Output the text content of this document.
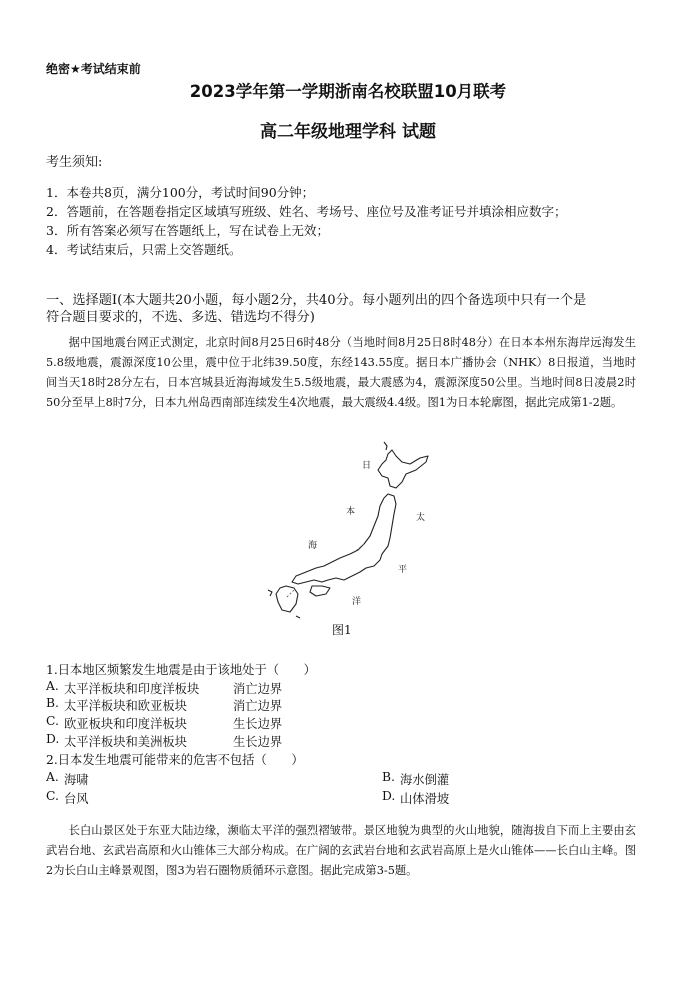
绝密★考试结束前
2023学年第一学期浙南名校联盟10月联考
高二年级地理学科 试题
考生须知:
1．本卷共8页，满分100分，考试时间90分钟；
2．答题前，在答题卷指定区域填写班级、姓名、考场号、座位号及准考证号并填涂相应数字；
3．所有答案必须写在答题纸上，写在试卷上无效；
4．考试结束后，只需上交答题纸。
一、选择题Ⅰ(本大题共20小题，每小题2分，共40分。每小题列出的四个备选项中只有一个是
符合题目要求的，不选、多选、错选均不得分)
据中国地震台网正式测定，北京时间8月25日6时48分（当地时间8月25日8时48分）在日本本州东海岸远海发生5.8级地震，震源深度10公里，震中位于北纬39.50度，东经143.55度。据日本广播协会（NHK）8日报道，当地时间当天18时28分左右，日本宫城县近海海域发生5.5级地震，最大震感为4，震源深度50公里。当地时间8日凌晨2时50分至早上8时7分，日本九州岛西南部连续发生4次地震，最大震级4.4级。图1为日本轮廓图，据此完成第1-2题。
日
本
太
海
平
洋
图1
1.日本地区频繁发生地震是由于该地处于（　　）
A. 太平洋板块和印度洋板块	消亡边界
B. 太平洋板块和欧亚板块	消亡边界
C. 欧亚板块和印度洋板块	生长边界
D. 太平洋板块和美洲板块	生长边界
2.日本发生地震可能带来的危害不包括（　　）
A. 海啸	B. 海水倒灌
C. 台风	D. 山体滑坡
长白山景区处于东亚大陆边缘，濒临太平洋的强烈褶皱带。景区地貌为典型的火山地貌，随海拔自下而上主要由玄武岩台地、玄武岩高原和火山锥体三大部分构成。在广阔的玄武岩台地和玄武岩高原上是火山锥体——长白山主峰。图2为长白山主峰景观图，图3为岩石圈物质循环示意图。据此完成第3-5题。
